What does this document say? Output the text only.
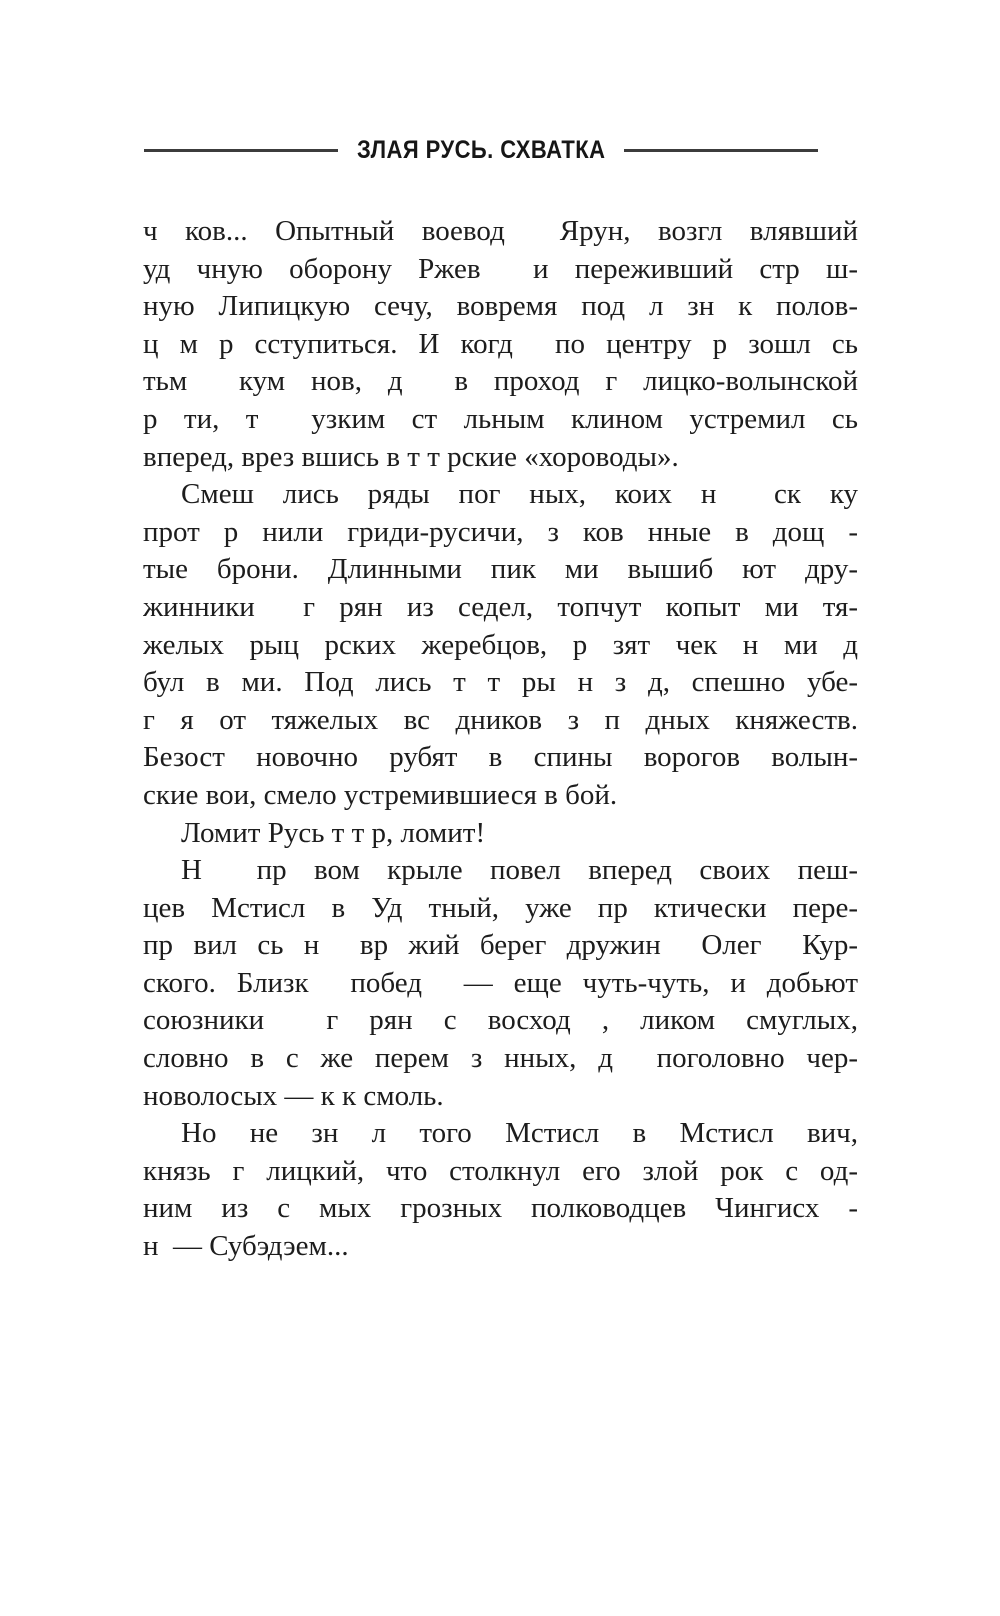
ЗЛАЯ РУСЬ. СХВАТКА
ч ков... Опытный воевод  Ярун, возгл влявший
уд чную оборону Ржев  и переживший стр ш-
ную Липицкую сечу, вовремя под л зн к полов-
ц м р сступиться. И когд  по центру р зошл сь
тьм  кум нов, д  в проход г лицко-волынской
р ти, т  узким ст льным клином устремил сь
вперед, врез вшись в т т рские «хороводы».
Смеш лись ряды пог ных, коих н  ск ку
прот р нили гриди-русичи, з ков нные в дощ -
тые брони. Длинными пик ми вышиб ют дру-
жинники  г рян из седел, топчут копыт ми тя-
желых рыц рских жеребцов, р зят чек н ми д
бул в ми. Под лись т т ры н з д, спешно убе-
г я от тяжелых вс дников з п дных княжеств.
Безост новочно рубят в спины ворогов волын-
ские вои, смело устремившиеся в бой.
Ломит Русь т т р, ломит!
Н  пр вом крыле повел вперед своих пеш-
цев Мстисл в Уд тный, уже пр ктически пере-
пр вил сь н  вр жий берег дружин  Олег  Кур-
ского. Близк  побед  — еще чуть-чуть, и добьют
союзники  г рян с восход , ликом смуглых,
словно в с же перем з нных, д  поголовно чер-
новолосых — к к смоль.
Но не зн л того Мстисл в Мстисл вич,
князь г лицкий, что столкнул его злой рок с од-
ним из с мых грозных полководцев Чингисх -
н  — Субэдэем...
